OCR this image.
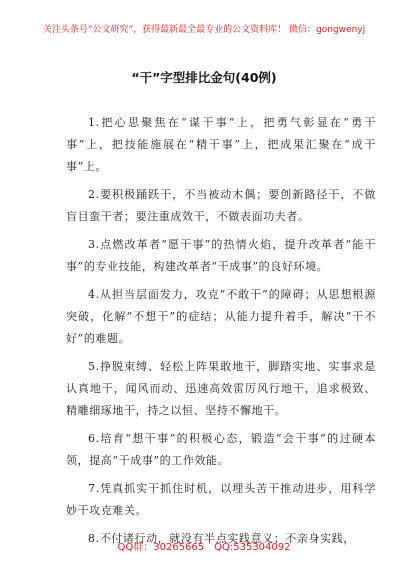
关注头条号“公文研究”，获得最新最全最专业的公文资料库！ 微信：gongwenyj
“干”字型排比金句(40例)

1.把心思聚焦在“谋干事”上，把勇气彰显在“勇干事”上，把技能施展在“精干事”上，把成果汇聚在“成干事”上。

2.要积极踊跃干，不当被动木偶；要创新路径干，不做盲目蛮干者；要注重成效干，不做表面功夫者。

3.点燃改革者“愿干事”的热情火焰，提升改革者“能干事”的专业技能，构建改革者“干成事”的良好环境。

4.从担当层面发力，攻克“不敢干”的障碍；从思想根源突破，化解“不想干”的症结；从能力提升着手，解决“干不好”的难题。

5.挣脱束缚、轻松上阵果敢地干，脚踏实地、实事求是认真地干，闻风而动、迅速高效雷厉风行地干，追求极致、精雕细琢地干，持之以恒、坚持不懈地干。

6.培育“想干事”的积极心态，锻造“会干事”的过硬本领，提高“干成事”的工作效能。

7.凭真抓实干抓住时机，以埋头苦干推动进步，用科学妙干攻克难关。

8.不付诸行动，就没有半点实践意义；不亲身实践，

QQ群：30265665　QQ:535304092
